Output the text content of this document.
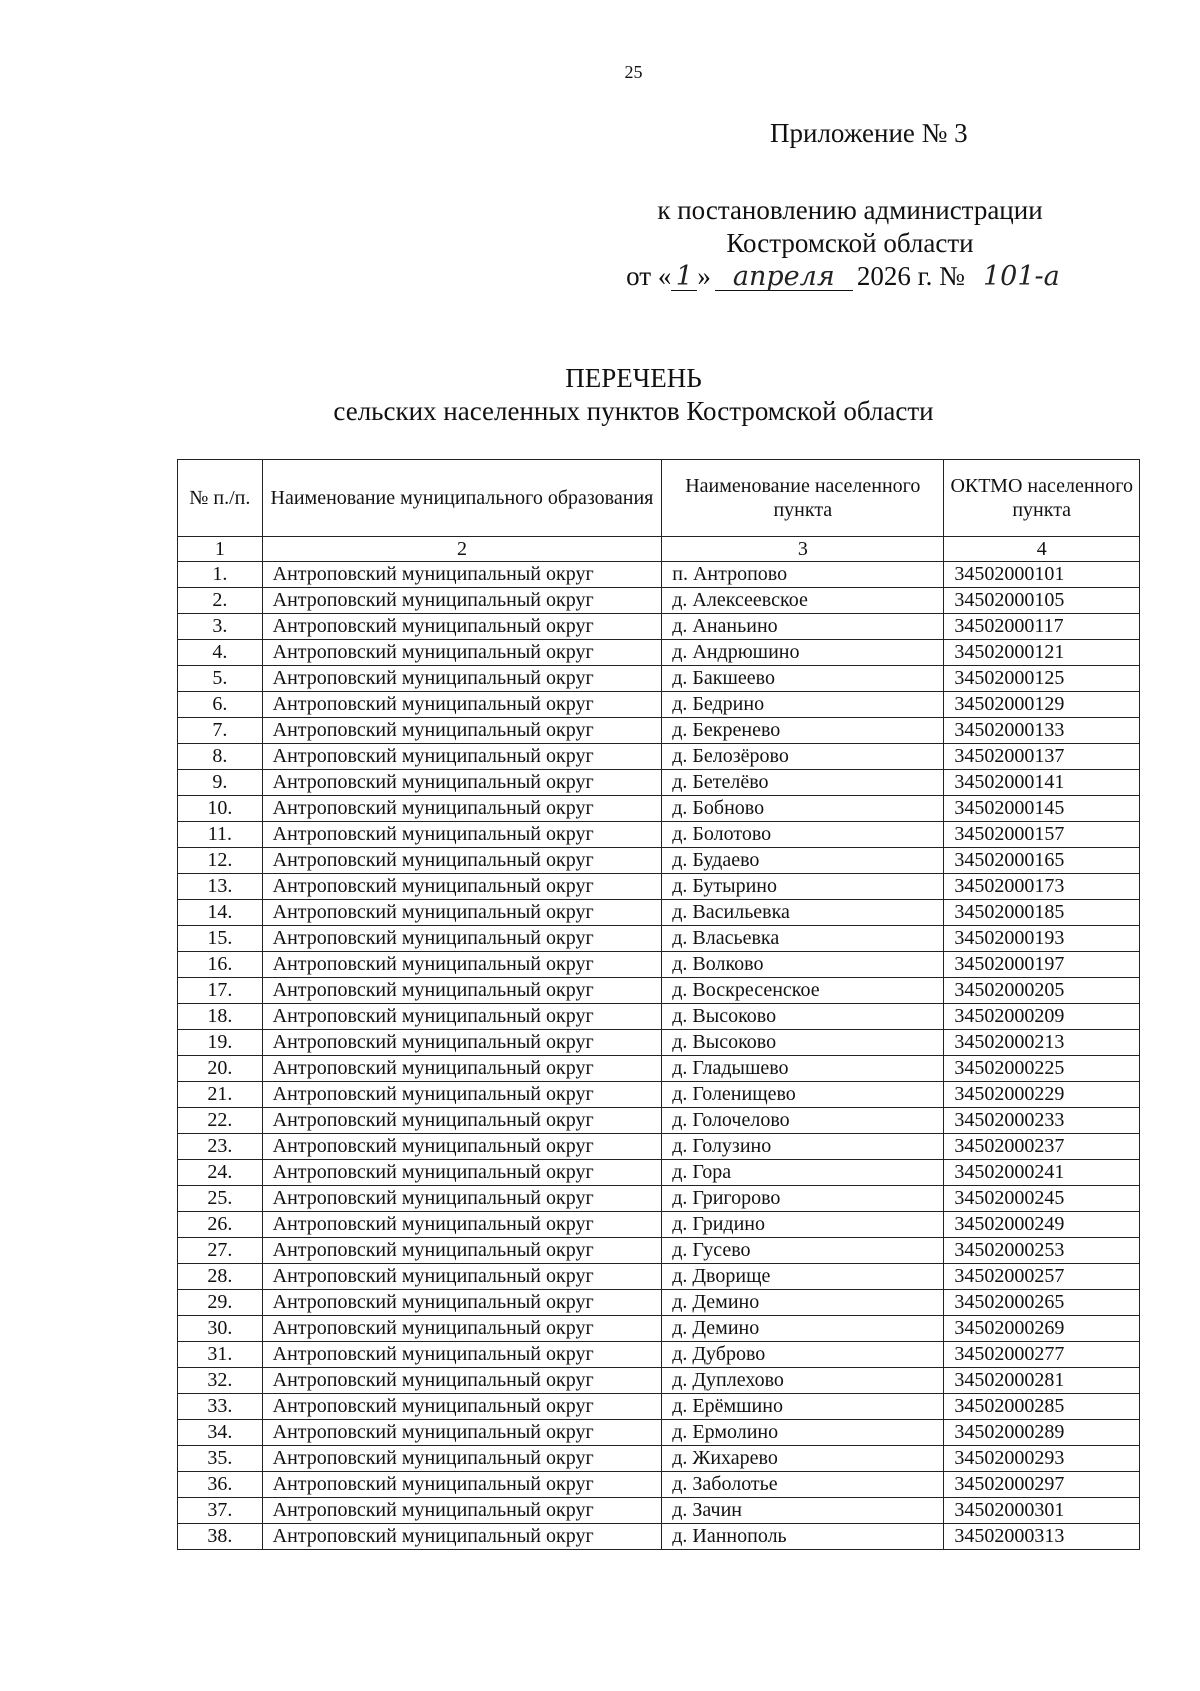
25
Приложение № 3
к постановлению администрации
Костромской области
от « 1 » апреля 2026 г. № 101-а
ПЕРЕЧЕНЬ
сельских населенных пунктов Костромской области
№ п./п.	Наименование муниципального образования	Наименование населенного пункта	ОКТМО населенного пункта
1	2	3	4
1.	Антроповский муниципальный округ	п. Антропово	34502000101
2.	Антроповский муниципальный округ	д. Алексеевское	34502000105
3.	Антроповский муниципальный округ	д. Ананьино	34502000117
4.	Антроповский муниципальный округ	д. Андрюшино	34502000121
5.	Антроповский муниципальный округ	д. Бакшеево	34502000125
6.	Антроповский муниципальный округ	д. Бедрино	34502000129
7.	Антроповский муниципальный округ	д. Бекренево	34502000133
8.	Антроповский муниципальный округ	д. Белозёрово	34502000137
9.	Антроповский муниципальный округ	д. Бетелёво	34502000141
10.	Антроповский муниципальный округ	д. Бобново	34502000145
11.	Антроповский муниципальный округ	д. Болотово	34502000157
12.	Антроповский муниципальный округ	д. Будаево	34502000165
13.	Антроповский муниципальный округ	д. Бутырино	34502000173
14.	Антроповский муниципальный округ	д. Васильевка	34502000185
15.	Антроповский муниципальный округ	д. Власьевка	34502000193
16.	Антроповский муниципальный округ	д. Волково	34502000197
17.	Антроповский муниципальный округ	д. Воскресенское	34502000205
18.	Антроповский муниципальный округ	д. Высоково	34502000209
19.	Антроповский муниципальный округ	д. Высоково	34502000213
20.	Антроповский муниципальный округ	д. Гладышево	34502000225
21.	Антроповский муниципальный округ	д. Голенищево	34502000229
22.	Антроповский муниципальный округ	д. Голочелово	34502000233
23.	Антроповский муниципальный округ	д. Голузино	34502000237
24.	Антроповский муниципальный округ	д. Гора	34502000241
25.	Антроповский муниципальный округ	д. Григорово	34502000245
26.	Антроповский муниципальный округ	д. Гридино	34502000249
27.	Антроповский муниципальный округ	д. Гусево	34502000253
28.	Антроповский муниципальный округ	д. Дворище	34502000257
29.	Антроповский муниципальный округ	д. Демино	34502000265
30.	Антроповский муниципальный округ	д. Демино	34502000269
31.	Антроповский муниципальный округ	д. Дуброво	34502000277
32.	Антроповский муниципальный округ	д. Дуплехово	34502000281
33.	Антроповский муниципальный округ	д. Ерёмшино	34502000285
34.	Антроповский муниципальный округ	д. Ермолино	34502000289
35.	Антроповский муниципальный округ	д. Жихарево	34502000293
36.	Антроповский муниципальный округ	д. Заболотье	34502000297
37.	Антроповский муниципальный округ	д. Зачин	34502000301
38.	Антроповский муниципальный округ	д. Ианнополь	34502000313
